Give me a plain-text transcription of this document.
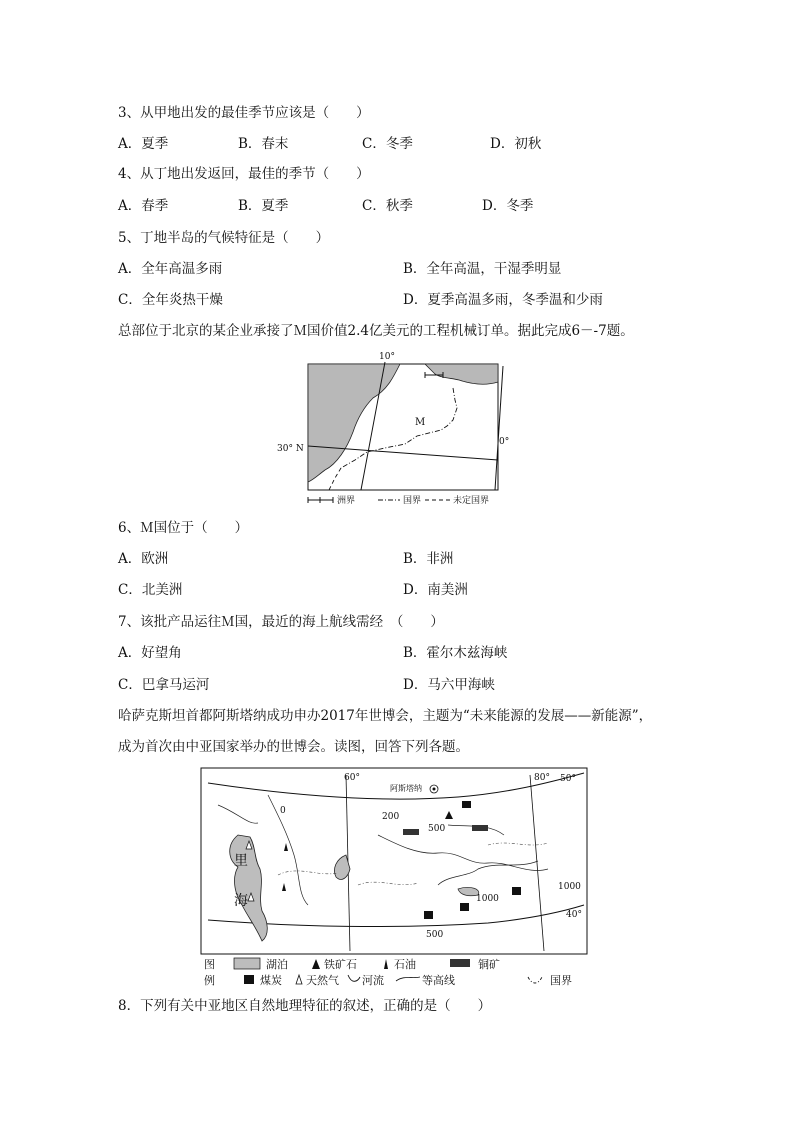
3、从甲地出发的最佳季节应该是（　　）
A．夏季	B．春末	C．冬季	D．初秋
4、从丁地出发返回，最佳的季节（　　）
A．春季	B．夏季	C．秋季	D．冬季
5、丁地半岛的气候特征是（　　）
A．全年高温多雨	B．全年高温，干湿季明显
C．全年炎热干燥	D．夏季高温多雨，冬季温和少雨
总部位于北京的某企业承接了Ｍ国价值2.4亿美元的工程机械订单。据此完成6－-7题。
10°
30° N
0°
M
洲界	国界	未定国界
6、Ｍ国位于（　　）
A．欧洲	B．非洲
C．北美洲	D．南美洲
7、该批产品运往Ｍ国，最近的海上航线需经　（　　）
A．好望角	B．霍尔木兹海峡
C．巴拿马运河	D．马六甲海峡
哈萨克斯坦首都阿斯塔纳成功申办2017年世博会，主题为“未来能源的发展——新能源”，
成为首次由中亚国家举办的世博会。读图，回答下列各题。
60°	80° 50°
40°
阿斯塔纳
里
海
200
500
500
1000
1000
0
图	湖泊	铁矿石	石油	铜矿
例	煤炭 天然气 河流	等高线	国界
8．下列有关中亚地区自然地理特征的叙述，正确的是（　　）
